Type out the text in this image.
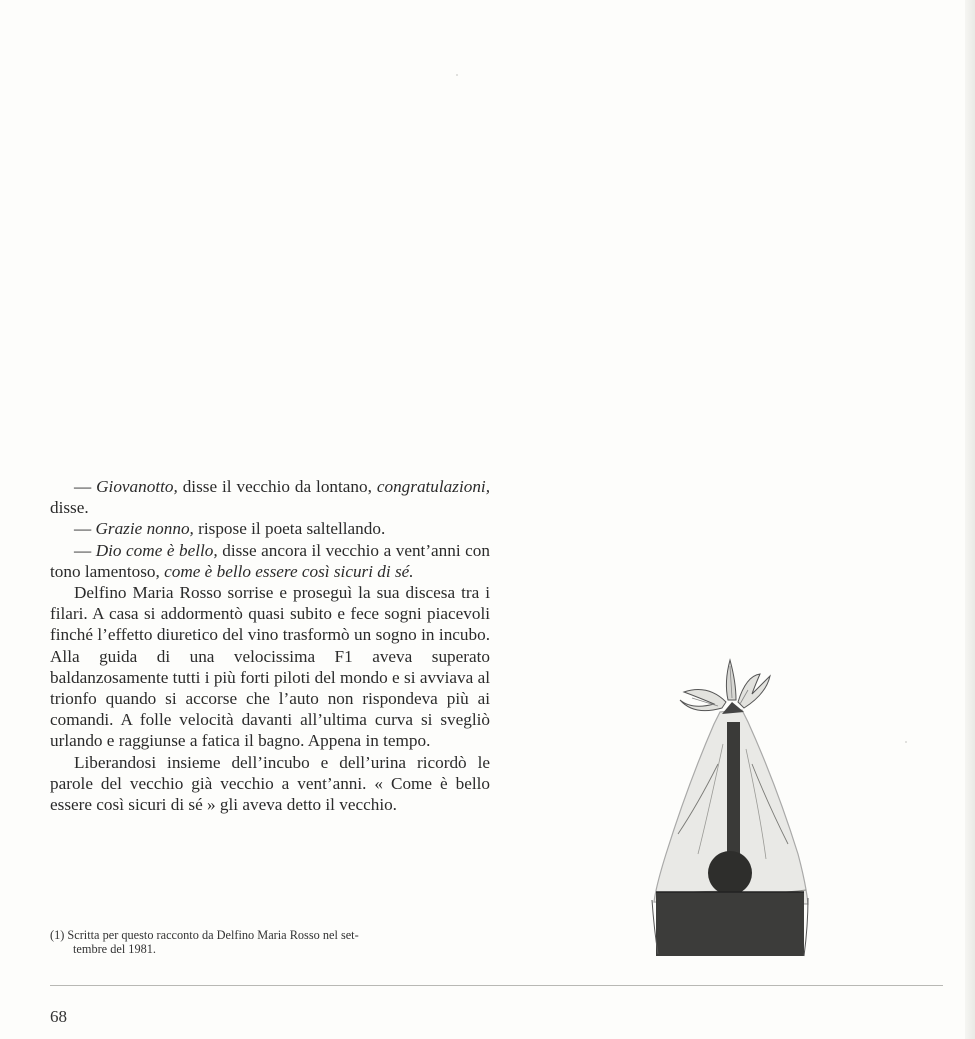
— Giovanotto, disse il vecchio da lontano, congratulazioni, disse.

— Grazie nonno, rispose il poeta saltellando.

— Dio come è bello, disse ancora il vecchio a vent’anni con tono lamentoso, come è bello essere così sicuri di sé.

Delfino Maria Rosso sorrise e proseguì la sua discesa tra i filari. A casa si addormentò quasi subito e fece sogni piacevoli finché l’effetto diuretico del vino trasformò un sogno in incubo. Alla guida di una velocissima F1 aveva superato baldanzosamente tutti i più forti piloti del mondo e si avviava al trionfo quando si accorse che l’auto non rispondeva più ai comandi. A folle velocità davanti all’ultima curva si svegliò urlando e raggiunse a fatica il bagno. Appena in tempo.

Liberandosi insieme dell’incubo e dell’urina ricordò le parole del vecchio già vecchio a vent’anni. « Come è bello essere così sicuri di sé » gli aveva detto il vecchio.

(1) Scritta per questo racconto da Delfino Maria Rosso nel set-
tembre del 1981.
68
